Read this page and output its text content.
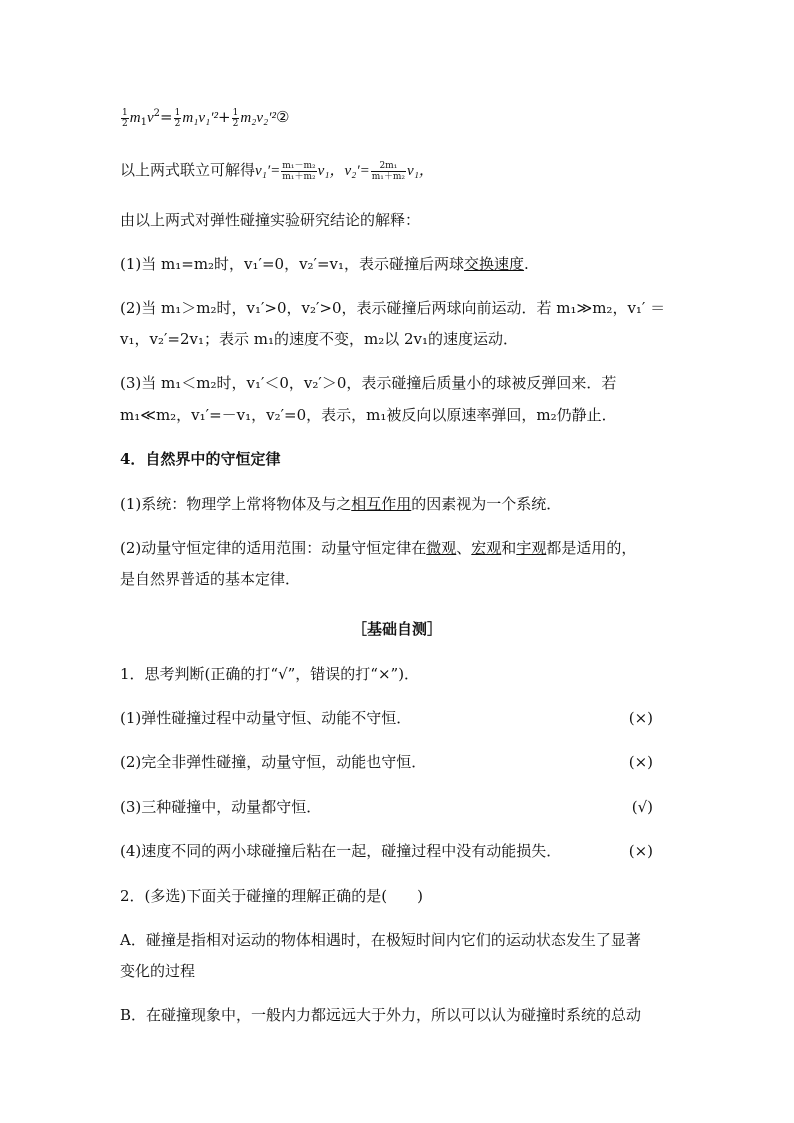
$\frac{1}{2} m_1v^2= \frac{1}{2} m_1v_1'^2+ \frac{1}{2}$ m₂v₂′²②
以上两式联立可解得$v_1'= \frac{\text{m₁－m₂}}{\text{m₁＋m₂}} v_1$，$v_2'= \frac{\text{2m₁}}{\text{m₁＋m₂}} v_1$，
由以上两式对弹性碰撞实验研究结论的解释：
(1)当 m₁=m₂时，v₁′=0，v₂′=v₁，表示碰撞后两球交换速度.
(2)当 m₁＞m₂时，v₁′>0，v₂′>0，表示碰撞后两球向前运动．若 m₁≫m₂，v₁′ ＝
v₁，v₂′=2v₁；表示 m₁的速度不变，m₂以 2v₁的速度运动．
(3)当 m₁＜m₂时，v₁′＜0，v₂′＞0，表示碰撞后质量小的球被反弹回来．若
m₁≪m₂，v₁′=－v₁，v₂′=0，表示，m₁被反向以原速率弹回，m₂仍静止．
4．自然界中的守恒定律
(1)系统：物理学上常将物体及与之相互作用的因素视为一个系统．
(2)动量守恒定律的适用范围：动量守恒定律在微观、宏观和宇观都是适用的，
是自然界普适的基本定律．
［基础自测］
1．思考判断(正确的打“√”，错误的打“×”)．
(1)弹性碰撞过程中动量守恒、动能不守恒．	(×)
(2)完全非弹性碰撞，动量守恒，动能也守恒．	(×)
(3)三种碰撞中，动量都守恒．	(√)
(4)速度不同的两小球碰撞后粘在一起，碰撞过程中没有动能损失．	(×)
2．(多选)下面关于碰撞的理解正确的是(　　)
A．碰撞是指相对运动的物体相遇时，在极短时间内它们的运动状态发生了显著
变化的过程
B．在碰撞现象中，一般内力都远远大于外力，所以可以认为碰撞时系统的总动
